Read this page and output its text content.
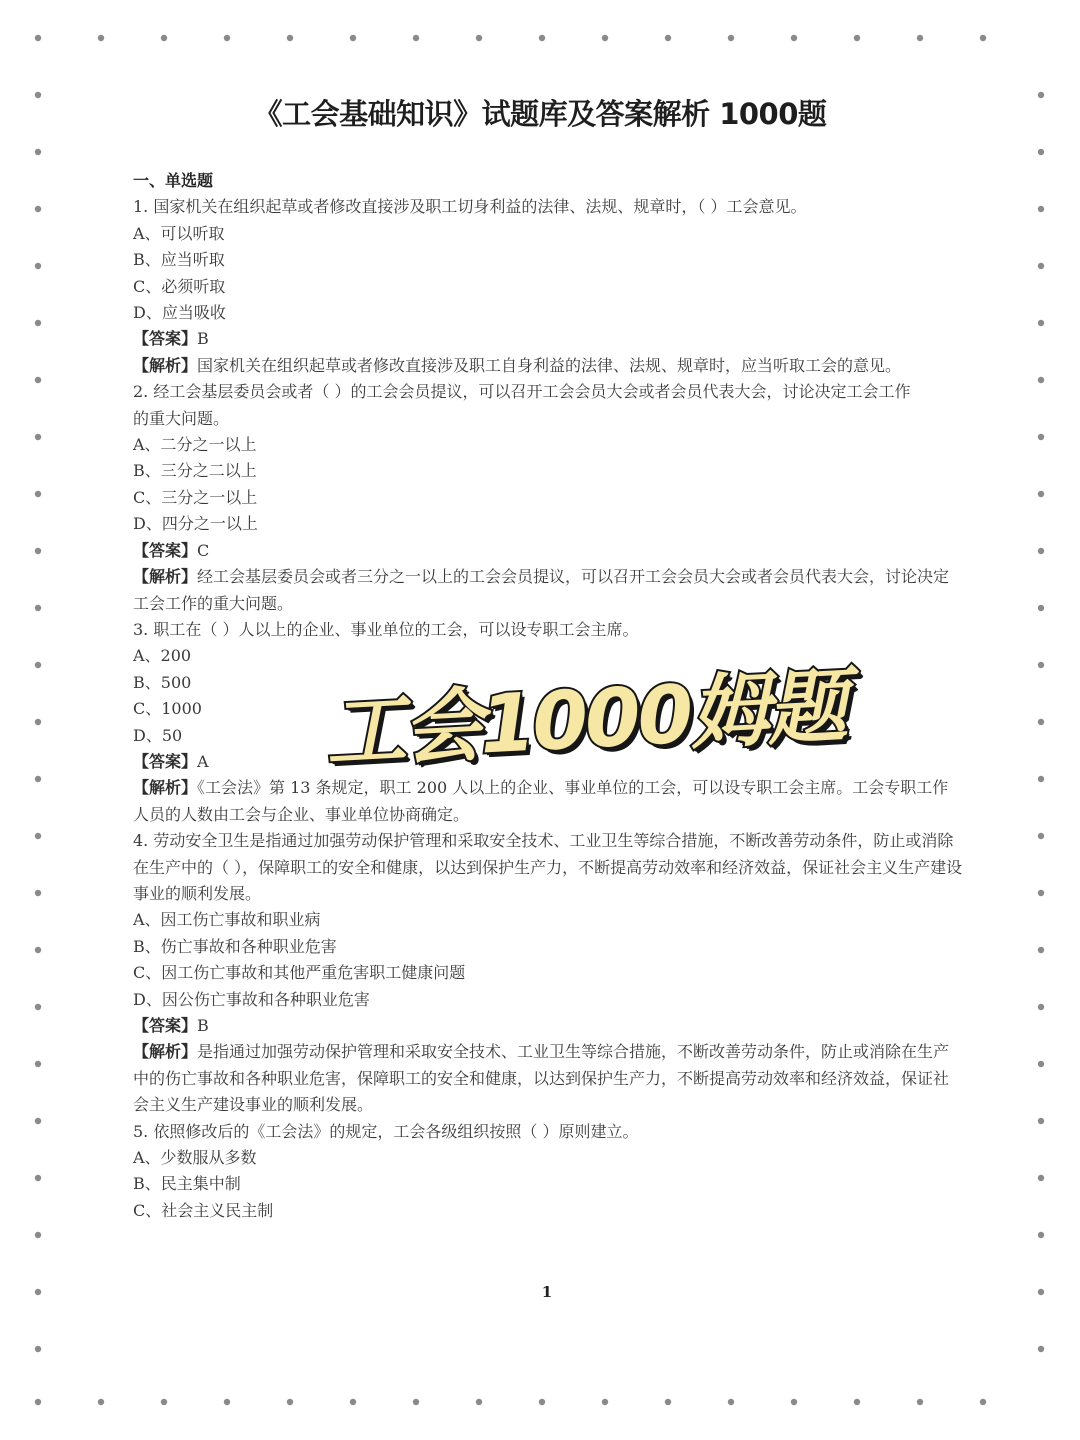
《工会基础知识》试题库及答案解析 1000题
一、单选题
1. 国家机关在组织起草或者修改直接涉及职工切身利益的法律、法规、规章时，（ ）工会意见。
A、可以听取
B、应当听取
C、必须听取
D、应当吸收
【答案】B
【解析】国家机关在组织起草或者修改直接涉及职工自身利益的法律、法规、规章时，应当听取工会的意见。
2. 经工会基层委员会或者（ ）的工会会员提议，可以召开工会会员大会或者会员代表大会，讨论决定工会工作的重大问题。
A、二分之一以上
B、三分之二以上
C、三分之一以上
D、四分之一以上
【答案】C
【解析】经工会基层委员会或者三分之一以上的工会会员提议，可以召开工会会员大会或者会员代表大会，讨论决定工会工作的重大问题。
3. 职工在（ ）人以上的企业、事业单位的工会，可以设专职工会主席。
A、200
B、500
C、1000
D、50
【答案】A
【解析】《工会法》第 13 条规定，职工 200 人以上的企业、事业单位的工会，可以设专职工会主席。工会专职工作人员的人数由工会与企业、事业单位协商确定。
4. 劳动安全卫生是指通过加强劳动保护管理和采取安全技术、工业卫生等综合措施，不断改善劳动条件，防止或消除在生产中的（ ），保障职工的安全和健康，以达到保护生产力，不断提高劳动效率和经济效益，保证社会主义生产建设事业的顺利发展。
A、因工伤亡事故和职业病
B、伤亡事故和各种职业危害
C、因工伤亡事故和其他严重危害职工健康问题
D、因公伤亡事故和各种职业危害
【答案】B
【解析】是指通过加强劳动保护管理和采取安全技术、工业卫生等综合措施，不断改善劳动条件，防止或消除在生产中的伤亡事故和各种职业危害，保障职工的安全和健康，以达到保护生产力，不断提高劳动效率和经济效益，保证社会主义生产建设事业的顺利发展。
5. 依照修改后的《工会法》的规定，工会各级组织按照（ ）原则建立。
A、少数服从多数
B、民主集中制
C、社会主义民主制
工会1000姆题
1
